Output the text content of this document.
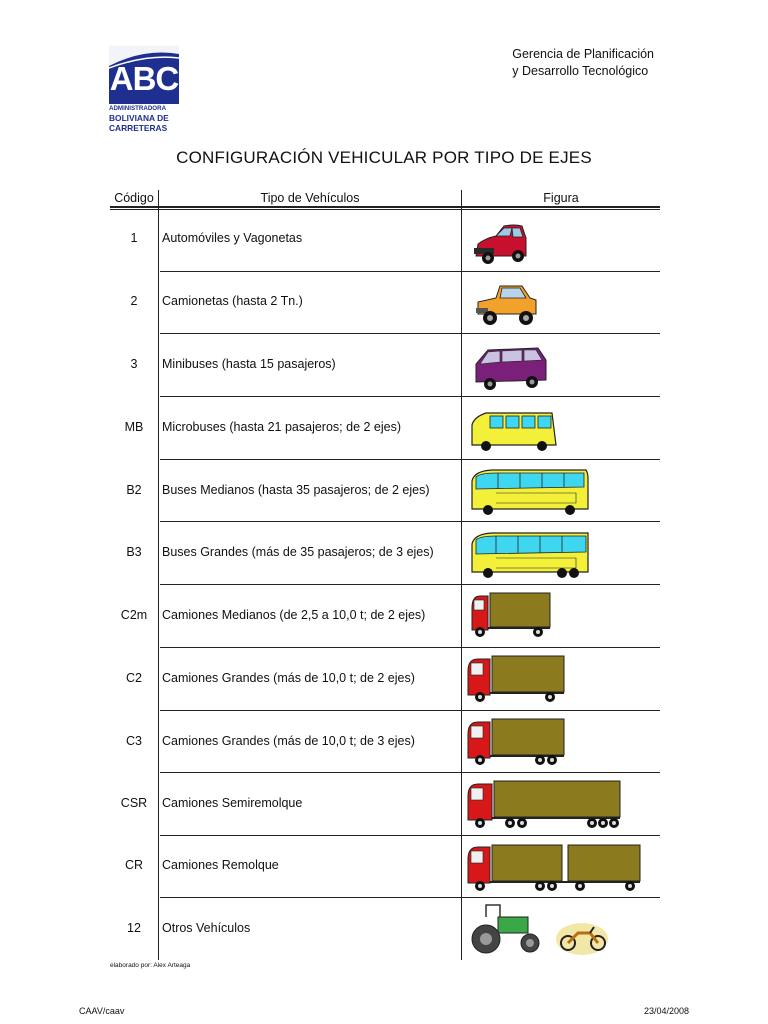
ABC
ADMINISTRADORA
BOLIVIANA DE
CARRETERAS
Gerencia de Planificación
y Desarrollo Tecnológico
CONFIGURACIÓN VEHICULAR POR TIPO DE EJES
Código	Tipo de Vehículos	Figura
1	Automóviles y Vagonetas
2	Camionetas (hasta 2 Tn.)
3	Minibuses (hasta 15 pasajeros)
MB	Microbuses (hasta 21 pasajeros; de 2 ejes)
B2	Buses Medianos (hasta 35 pasajeros; de 2 ejes)
B3	Buses Grandes (más de 35 pasajeros; de 3 ejes)
C2m	Camiones Medianos (de 2,5 a 10,0 t; de 2 ejes)
C2	Camiones Grandes (más de 10,0 t; de 2 ejes)
C3	Camiones Grandes (más de 10,0 t; de 3 ejes)
CSR	Camiones Semiremolque
CR	Camiones Remolque
12	Otros Vehículos
elaborado por: Alex Arteaga
CAAV/caav	23/04/2008
